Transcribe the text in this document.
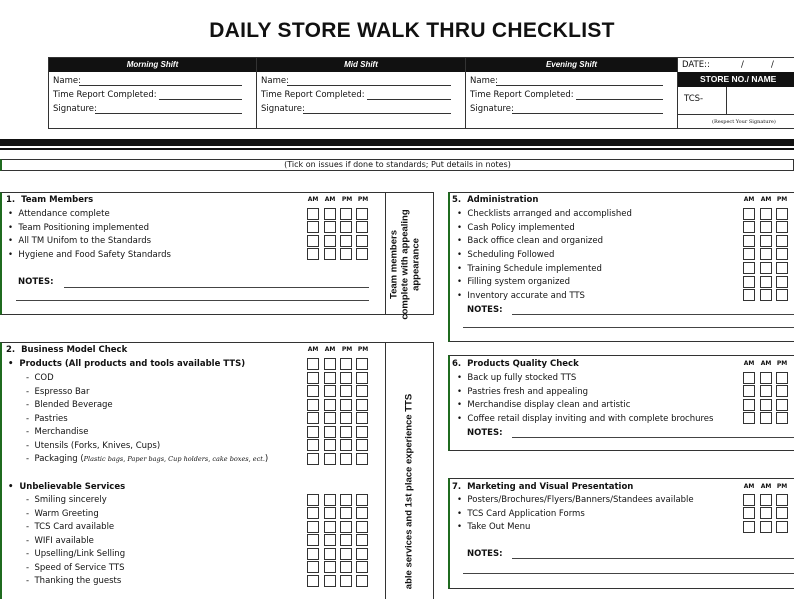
DAILY STORE WALK THRU CHECKLIST
Morning Shift
Name:
Time Report Completed:
Signature:
Mid Shift
Name:
Time Report Completed:
Signature:
Evening Shift
Name:
Time Report Completed:
Signature:
DATE::	/	/
STORE NO./ NAME
TCS-
(Respect Your Signature)
(Tick on issues if done to standards; Put details in notes)
1. Team Members	AM AM	PM PM
•  Attendance complete
•  Team Positioning implemented
•  All TM Unifom to the Standards
•  Hygiene and Food Safety Standards
NOTES:	Team members
complete with appealing
appearance
2. Business Model Check	AM AM	PM PM
•  Products (All products and tools available TTS)
-  COD
-  Espresso Bar
-  Blended Beverage
-  Pastries
-  Merchandise
-  Utensils (Forks, Knives, Cups)
-  Packaging (Plastic bags, Paper bags, Cup holders, cake boxes, ect.)
•  Unbelievable Services
-  Smiling sincerely
-  Warm Greeting
-  TCS Card available
-  WIFI available
-  Upselling/Link Selling
-  Speed of Service TTS
-  Thanking the guests	able services and 1st place experience TTS
5. Administration	AM AM PM
•  Checklists arranged and accomplished
•  Cash Policy implemented
•  Back office clean and organized
•  Scheduling Followed
•  Training Schedule implemented
•  Filling system organized
•  Inventory accurate and TTS
NOTES:
6. Products Quality Check	AM AM PM
•  Back up fully stocked TTS
•  Pastries fresh and appealing
•  Merchandise display clean and artistic
•  Coffee retail display inviting and with complete brochures
NOTES:
7. Marketing and Visual Presentation	AM AM PM
•  Posters/Brochures/Flyers/Banners/Standees available
•  TCS Card Application Forms
•  Take Out Menu
NOTES:
